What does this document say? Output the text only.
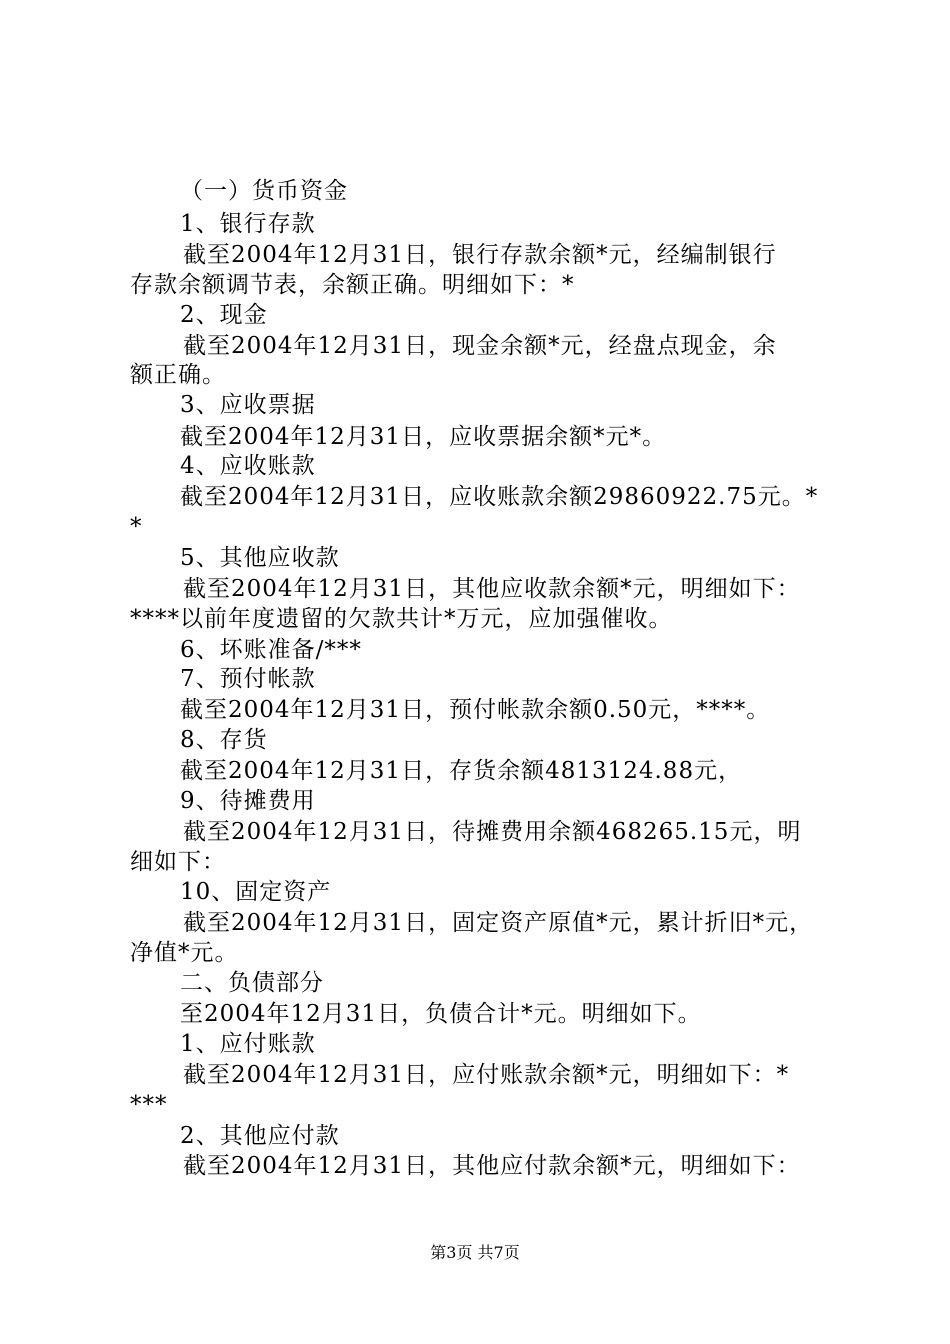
（一）货币资金
1、银行存款
截至2004年12月31日，银行存款余额*元，经编制银行
存款余额调节表，余额正确。明细如下：*
2、现金
截至2004年12月31日，现金余额*元，经盘点现金，余
额正确。
3、应收票据
截至2004年12月31日，应收票据余额*元*。
4、应收账款
截至2004年12月31日，应收账款余额29860922.75元。*
*
5、其他应收款
截至2004年12月31日，其他应收款余额*元，明细如下：
****以前年度遗留的欠款共计*万元，应加强催收。
6、坏账准备/***
7、预付帐款
截至2004年12月31日，预付帐款余额0.50元，****。
8、存货
截至2004年12月31日，存货余额4813124.88元，
9、待摊费用
截至2004年12月31日，待摊费用余额468265.15元，明
细如下：
10、固定资产
截至2004年12月31日，固定资产原值*元，累计折旧*元，
净值*元。
二、负债部分
至2004年12月31日，负债合计*元。明细如下。
1、应付账款
截至2004年12月31日，应付账款余额*元，明细如下：*
***
2、其他应付款
截至2004年12月31日，其他应付款余额*元，明细如下：
第3页 共7页
